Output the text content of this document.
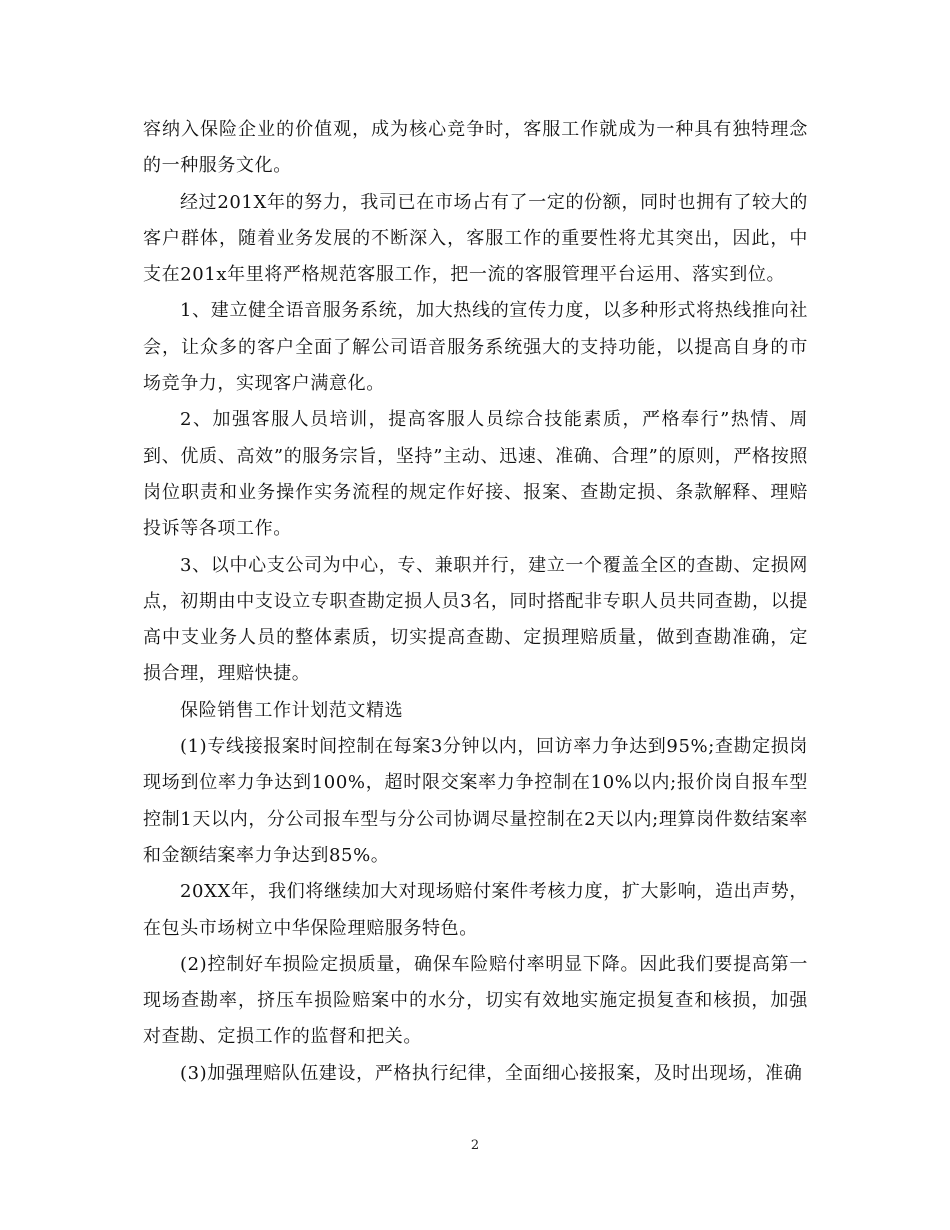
容纳入保险企业的价值观，成为核心竞争时，客服工作就成为一种具有独特理念的一种服务文化。

经过201X年的努力，我司已在市场占有了一定的份额，同时也拥有了较大的客户群体，随着业务发展的不断深入，客服工作的重要性将尤其突出，因此，中支在201x年里将严格规范客服工作，把一流的客服管理平台运用、落实到位。

1、建立健全语音服务系统，加大热线的宣传力度，以多种形式将热线推向社会，让众多的客户全面了解公司语音服务系统强大的支持功能，以提高自身的市场竞争力，实现客户满意化。

2、加强客服人员培训，提高客服人员综合技能素质，严格奉行”热情、周到、优质、高效”的服务宗旨，坚持”主动、迅速、准确、合理”的原则，严格按照岗位职责和业务操作实务流程的规定作好接、报案、查勘定损、条款解释、理赔投诉等各项工作。

3、以中心支公司为中心，专、兼职并行，建立一个覆盖全区的查勘、定损网点，初期由中支设立专职查勘定损人员3名，同时搭配非专职人员共同查勘，以提高中支业务人员的整体素质，切实提高查勘、定损理赔质量，做到查勘准确，定损合理，理赔快捷。

保险销售工作计划范文精选

(1)专线接报案时间控制在每案3分钟以内，回访率力争达到95%;查勘定损岗现场到位率力争达到100%，超时限交案率力争控制在10%以内;报价岗自报车型控制1天以内，分公司报车型与分公司协调尽量控制在2天以内;理算岗件数结案率和金额结案率力争达到85%。

20XX年，我们将继续加大对现场赔付案件考核力度，扩大影响，造出声势，在包头市场树立中华保险理赔服务特色。

(2)控制好车损险定损质量，确保车险赔付率明显下降。因此我们要提高第一现场查勘率，挤压车损险赔案中的水分，切实有效地实施定损复查和核损，加强对查勘、定损工作的监督和把关。

(3)加强理赔队伍建设，严格执行纪律，全面细心接报案，及时出现场，准确

2
